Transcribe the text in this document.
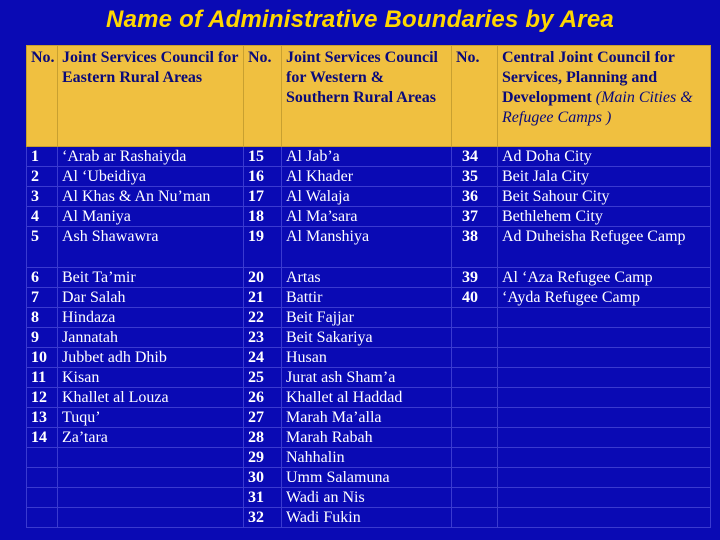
Name of Administrative Boundaries by Area
No.	Joint Services Council for Eastern Rural Areas	No.	Joint Services Council for Western & Southern Rural Areas	No.	Central Joint Council for Services, Planning and Development (Main Cities & Refugee Camps )
1	‘Arab ar Rashaiyda	15	Al Jab’a	34	Ad Doha City
2	Al ‘Ubeidiya	16	Al Khader	35	Beit Jala City
3	Al Khas & An Nu’man	17	Al Walaja	36	Beit Sahour City
4	Al Maniya	18	Al Ma’sara	37	Bethlehem City
5	Ash Shawawra	19	Al Manshiya	38	Ad Duheisha Refugee Camp
6	Beit Ta’mir	20	Artas	39	Al ‘Aza Refugee Camp
7	Dar Salah	21	Battir	40	‘Ayda Refugee Camp
8	Hindaza	22	Beit Fajjar		
9	Jannatah	23	Beit Sakariya		
10	Jubbet adh Dhib	24	Husan		
11	Kisan	25	Jurat ash Sham’a		
12	Khallet al Louza	26	Khallet al Haddad		
13	Tuqu’	27	Marah Ma’alla		
14	Za’tara	28	Marah Rabah		
		29	Nahhalin		
		30	Umm Salamuna		
		31	Wadi an Nis		
		32	Wadi Fukin		
